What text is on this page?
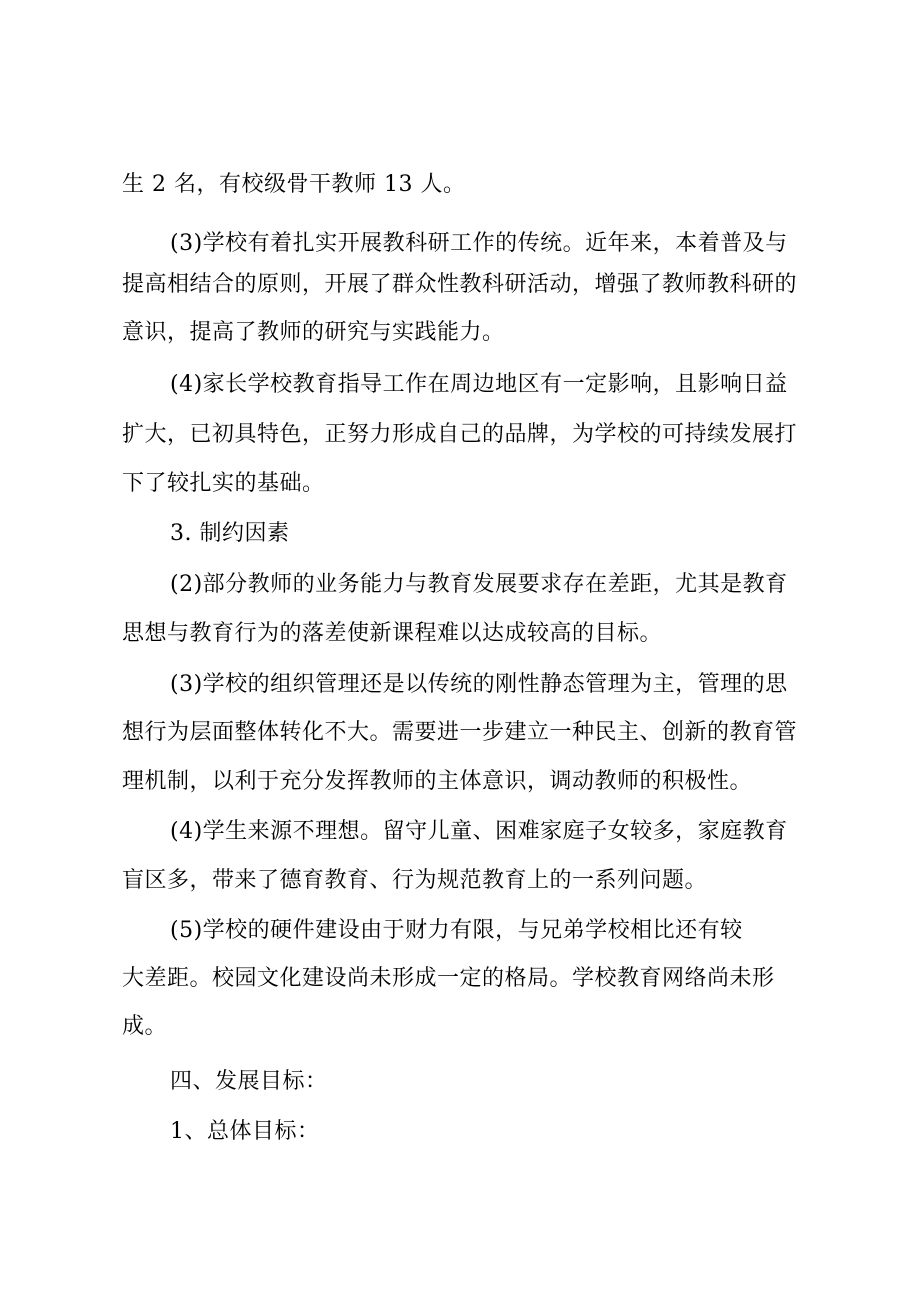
生 2 名，有校级骨干教师 13 人。

(3)学校有着扎实开展教科研工作的传统。近年来，本着普及与

提高相结合的原则，开展了群众性教科研活动，增强了教师教科研的

意识，提高了教师的研究与实践能力。

(4)家长学校教育指导工作在周边地区有一定影响，且影响日益

扩大，已初具特色，正努力形成自己的品牌，为学校的可持续发展打

下了较扎实的基础。

3. 制约因素

(2)部分教师的业务能力与教育发展要求存在差距，尤其是教育

思想与教育行为的落差使新课程难以达成较高的目标。

(3)学校的组织管理还是以传统的刚性静态管理为主，管理的思

想行为层面整体转化不大。需要进一步建立一种民主、创新的教育管

理机制，以利于充分发挥教师的主体意识，调动教师的积极性。

(4)学生来源不理想。留守儿童、困难家庭子女较多，家庭教育

盲区多，带来了德育教育、行为规范教育上的一系列问题。

(5)学校的硬件建设由于财力有限，与兄弟学校相比还有较

大差距。校园文化建设尚未形成一定的格局。学校教育网络尚未形

成。

四、发展目标：

1、总体目标：
